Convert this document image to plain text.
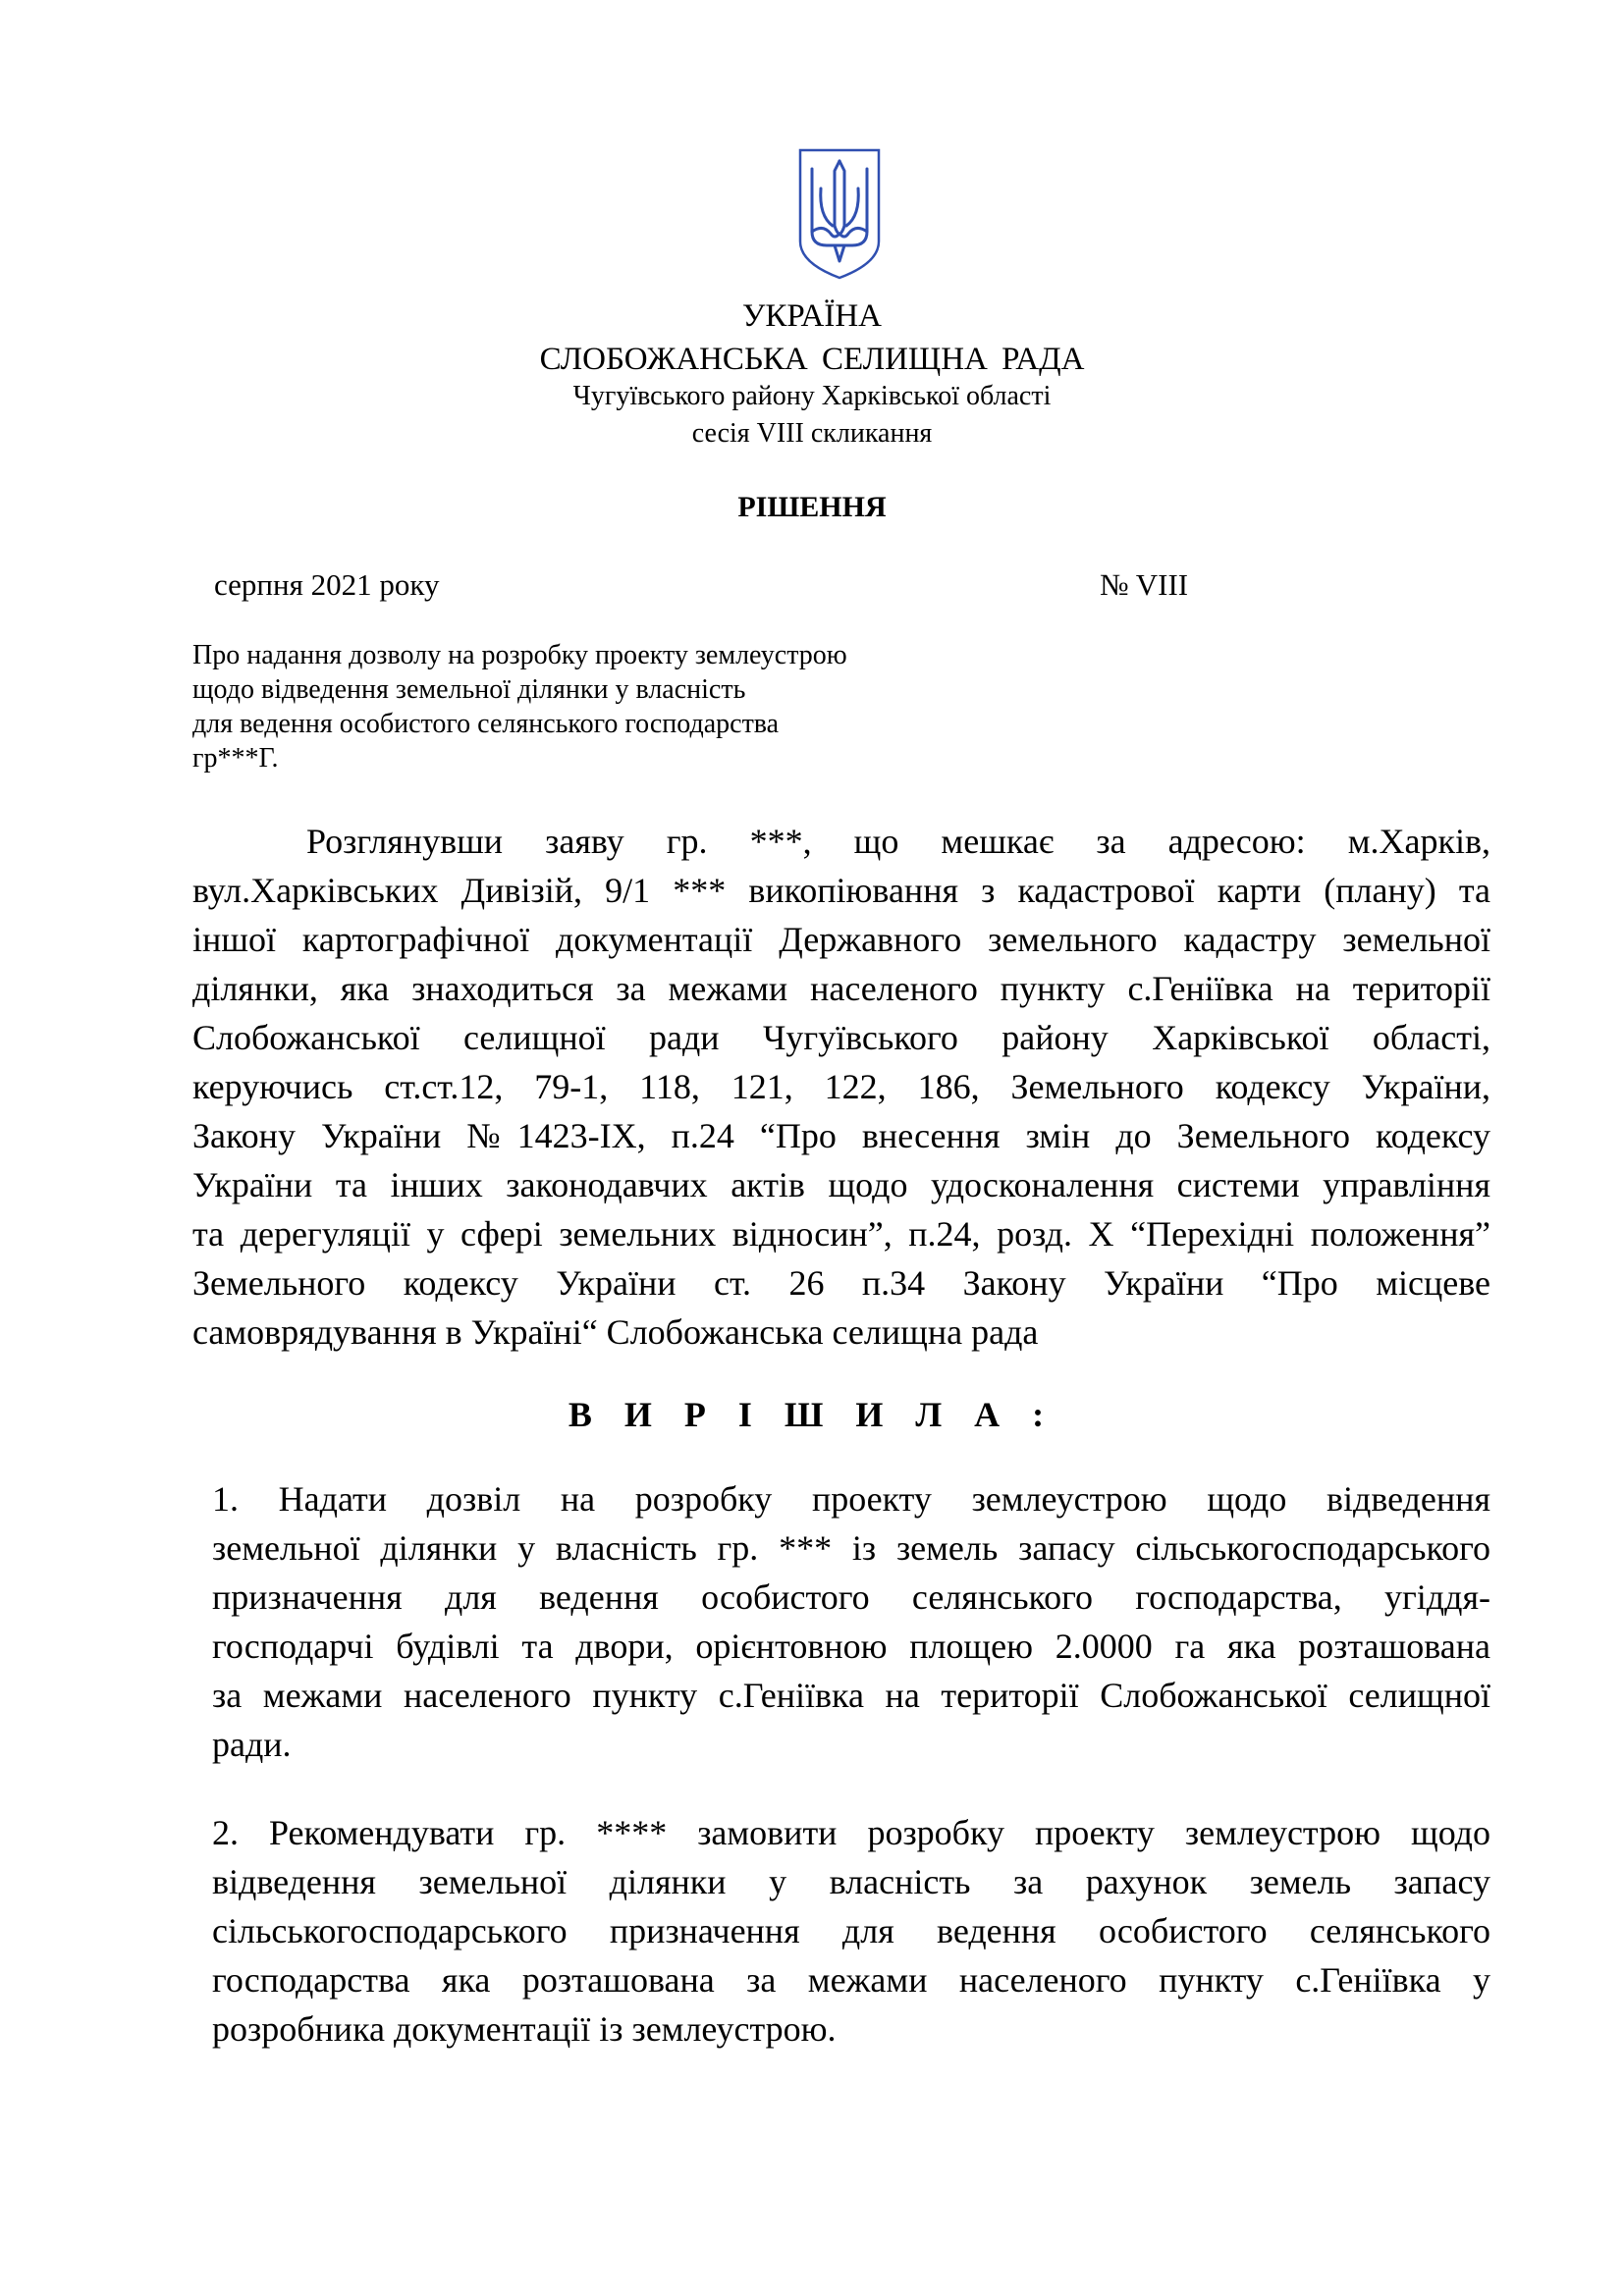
УКРАЇНА
СЛОБОЖАНСЬКА СЕЛИЩНА РАДА
Чугуївського району Харківської області
сесія VIII скликання
РІШЕННЯ
серпня 2021 року	№ VIII
Про надання дозволу на розробку проекту землеустрою
щодо відведення земельної ділянки у власність
для ведення особистого селянського господарства
гр***Г.
Розглянувши заяву гр. ***, що мешкає за адресою: м.Харків,
вул.Харківських Дивізій, 9/1 *** викопіювання з кадастрової карти (плану) та
іншої картографічної документації Державного земельного кадастру земельної
ділянки, яка знаходиться за межами населеного пункту с.Геніївка на території
Слобожанської селищної ради Чугуївського району Харківської області,
керуючись ст.ст.12, 79-1, 118, 121, 122, 186, Земельного кодексу України,
Закону України №1423-IX, п.24 “Про внесення змін до Земельного кодексу
України та інших законодавчих актів щодо удосконалення системи управління
та дерегуляції у сфері земельних відносин”, п.24, розд. X “Перехідні положення”
Земельного кодексу України ст. 26 п.34 Закону України “Про місцеве
самоврядування в Україні“ Слобожанська селищна рада
В И Р І Ш И Л А :
1. Надати дозвіл на розробку проекту землеустрою щодо відведення
земельної ділянки у власність гр. *** із земель запасу сільськогосподарського
призначення для ведення особистого селянського господарства, угіддя-
господарчі будівлі та двори, орієнтовною площею 2.0000 га яка розташована
за межами населеного пункту с.Геніївка на території Слобожанської селищної
ради.
2. Рекомендувати гр. **** замовити розробку проекту землеустрою щодо
відведення земельної ділянки у власність за рахунок земель запасу
сільськогосподарського призначення для ведення особистого селянського
господарства яка розташована за межами населеного пункту с.Геніївка у
розробника документації із землеустрою.
